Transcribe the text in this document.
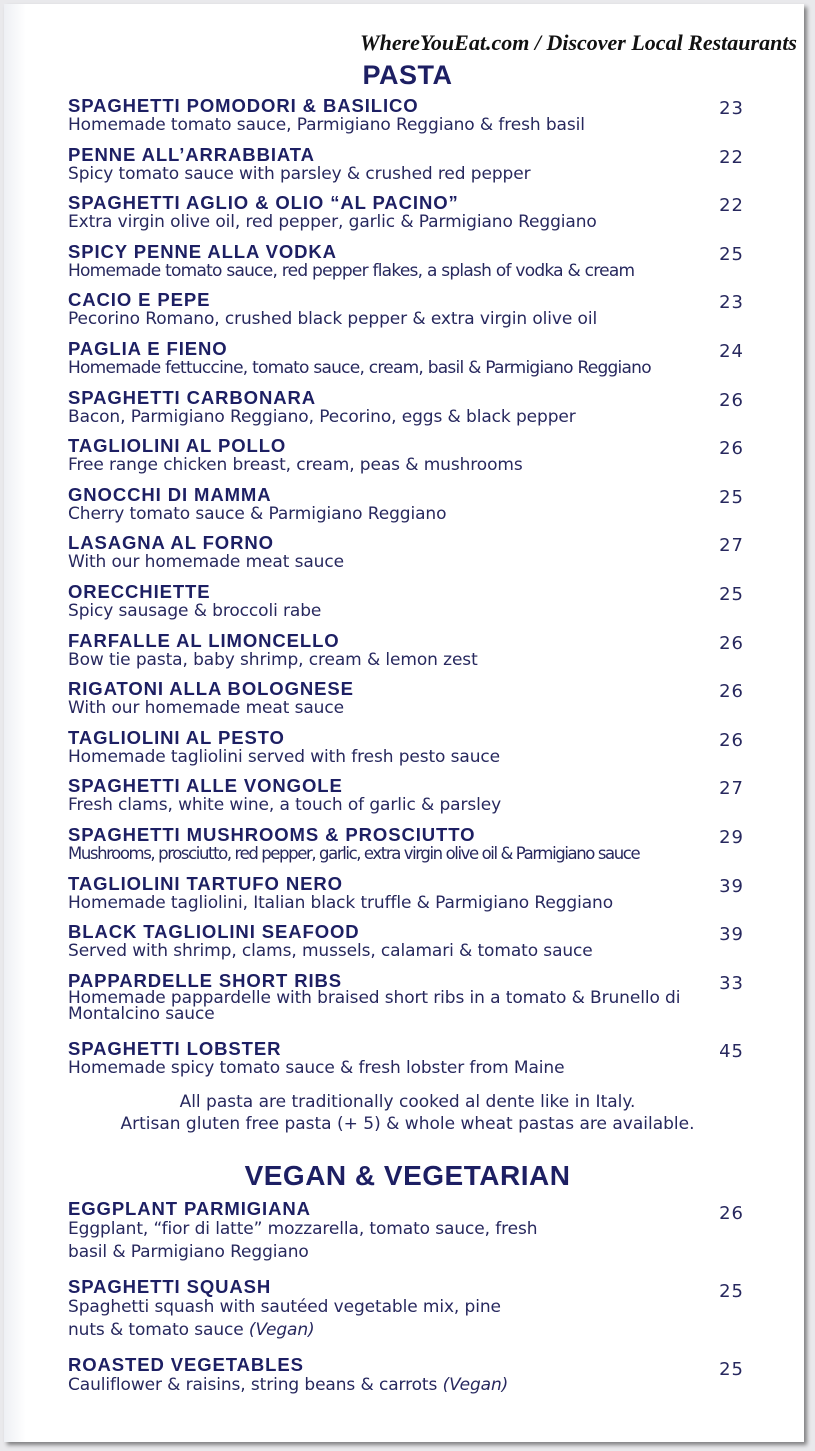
WhereYouEat.com / Discover Local Restaurants
PASTA
SPAGHETTI POMODORI & BASILICO
Homemade tomato sauce, Parmigiano Reggiano & fresh basil
23
PENNE ALL’ARRABBIATA
Spicy tomato sauce with parsley & crushed red pepper
22
SPAGHETTI AGLIO & OLIO “AL PACINO”
Extra virgin olive oil, red pepper, garlic & Parmigiano Reggiano
22
SPICY PENNE ALLA VODKA
Homemade tomato sauce, red pepper flakes, a splash of vodka & cream
25
CACIO E PEPE
Pecorino Romano, crushed black pepper & extra virgin olive oil
23
PAGLIA E FIENO
Homemade fettuccine, tomato sauce, cream, basil & Parmigiano Reggiano
24
SPAGHETTI CARBONARA
Bacon, Parmigiano Reggiano, Pecorino, eggs & black pepper
26
TAGLIOLINI AL POLLO
Free range chicken breast, cream, peas & mushrooms
26
GNOCCHI DI MAMMA
Cherry tomato sauce & Parmigiano Reggiano
25
LASAGNA AL FORNO
With our homemade meat sauce
27
ORECCHIETTE
Spicy sausage & broccoli rabe
25
FARFALLE AL LIMONCELLO
Bow tie pasta, baby shrimp, cream & lemon zest
26
RIGATONI ALLA BOLOGNESE
With our homemade meat sauce
26
TAGLIOLINI AL PESTO
Homemade tagliolini served with fresh pesto sauce
26
SPAGHETTI ALLE VONGOLE
Fresh clams, white wine, a touch of garlic & parsley
27
SPAGHETTI MUSHROOMS & PROSCIUTTO
Mushrooms, prosciutto, red pepper, garlic, extra virgin olive oil & Parmigiano sauce
29
TAGLIOLINI TARTUFO NERO
Homemade tagliolini, Italian black truffle & Parmigiano Reggiano
39
BLACK TAGLIOLINI SEAFOOD
Served with shrimp, clams, mussels, calamari & tomato sauce
39
PAPPARDELLE SHORT RIBS
Homemade pappardelle with braised short ribs in a tomato & Brunello di Montalcino sauce
33
SPAGHETTI LOBSTER
Homemade spicy tomato sauce & fresh lobster from Maine
45
All pasta are traditionally cooked al dente like in Italy.
Artisan gluten free pasta (+ 5) & whole wheat pastas are available.
VEGAN & VEGETARIAN
EGGPLANT PARMIGIANA
Eggplant, “fior di latte” mozzarella, tomato sauce, fresh basil & Parmigiano Reggiano
26
SPAGHETTI SQUASH
Spaghetti squash with sautéed vegetable mix, pine nuts & tomato sauce (Vegan)
25
ROASTED VEGETABLES
Cauliflower & raisins, string beans & carrots (Vegan)
25
